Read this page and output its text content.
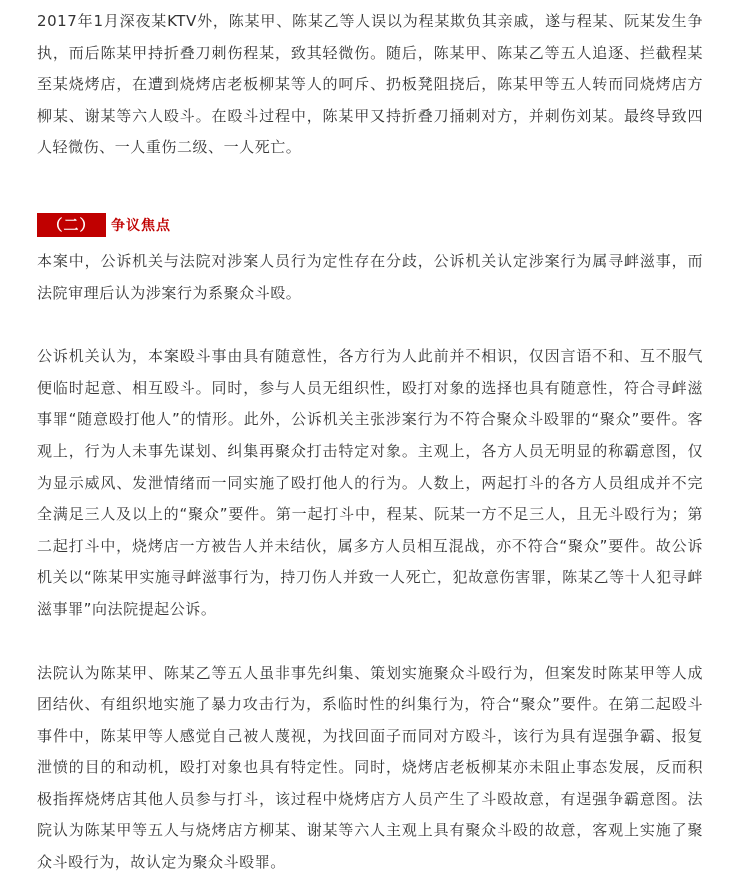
2017年1月深夜某KTV外，陈某甲、陈某乙等人误以为程某欺负其亲戚，遂与程某、阮某发生争执，而后陈某甲持折叠刀刺伤程某，致其轻微伤。随后，陈某甲、陈某乙等五人追逐、拦截程某至某烧烤店，在遭到烧烤店老板柳某等人的呵斥、扔板凳阻挠后，陈某甲等五人转而同烧烤店方柳某、谢某等六人殴斗。在殴斗过程中，陈某甲又持折叠刀捅刺对方，并刺伤刘某。最终导致四人轻微伤、一人重伤二级、一人死亡。

（二）	争议焦点

本案中，公诉机关与法院对涉案人员行为定性存在分歧，公诉机关认定涉案行为属寻衅滋事，而法院审理后认为涉案行为系聚众斗殴。

公诉机关认为，本案殴斗事由具有随意性，各方行为人此前并不相识，仅因言语不和、互不服气便临时起意、相互殴斗。同时，参与人员无组织性，殴打对象的选择也具有随意性，符合寻衅滋事罪“随意殴打他人”的情形。此外，公诉机关主张涉案行为不符合聚众斗殴罪的“聚众”要件。客观上，行为人未事先谋划、纠集再聚众打击特定对象。主观上，各方人员无明显的称霸意图，仅为显示威风、发泄情绪而一同实施了殴打他人的行为。人数上，两起打斗的各方人员组成并不完全满足三人及以上的“聚众”要件。第一起打斗中，程某、阮某一方不足三人，且无斗殴行为；第二起打斗中，烧烤店一方被告人并未结伙，属多方人员相互混战，亦不符合“聚众”要件。故公诉机关以“陈某甲实施寻衅滋事行为，持刀伤人并致一人死亡，犯故意伤害罪，陈某乙等十人犯寻衅滋事罪”向法院提起公诉。

法院认为陈某甲、陈某乙等五人虽非事先纠集、策划实施聚众斗殴行为，但案发时陈某甲等人成团结伙、有组织地实施了暴力攻击行为，系临时性的纠集行为，符合“聚众”要件。在第二起殴斗事件中，陈某甲等人感觉自己被人蔑视，为找回面子而同对方殴斗，该行为具有逞强争霸、报复泄愤的目的和动机，殴打对象也具有特定性。同时，烧烤店老板柳某亦未阻止事态发展，反而积极指挥烧烤店其他人员参与打斗，该过程中烧烤店方人员产生了斗殴故意，有逞强争霸意图。法院认为陈某甲等五人与烧烤店方柳某、谢某等六人主观上具有聚众斗殴的故意，客观上实施了聚众斗殴行为，故认定为聚众斗殴罪。
